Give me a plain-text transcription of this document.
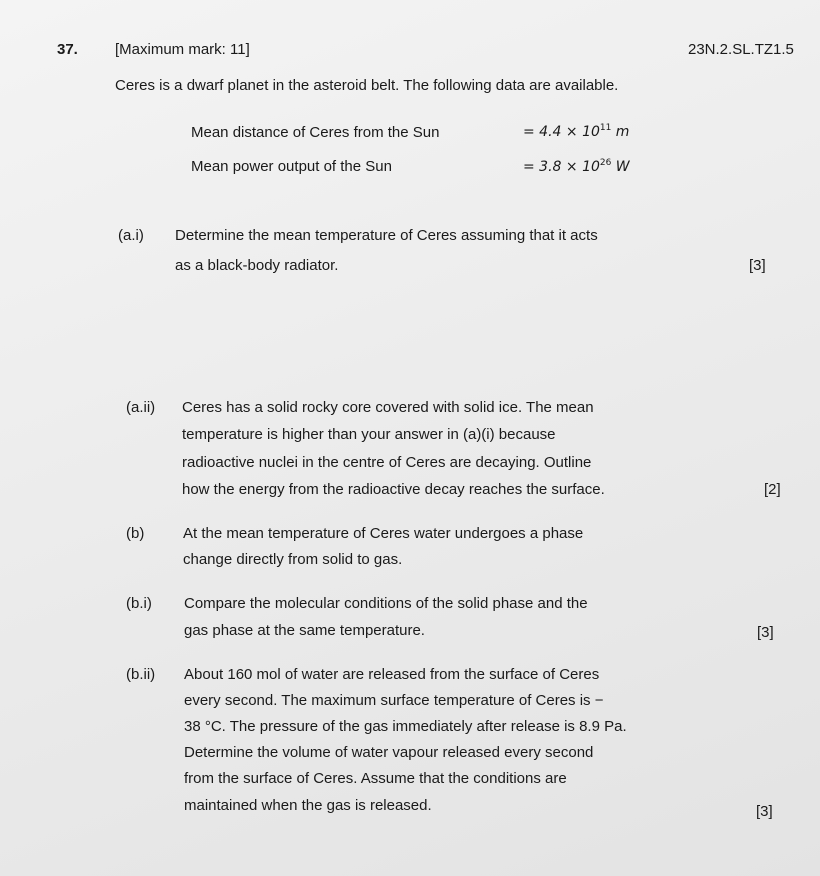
37. [Maximum mark: 11]	23N.2.SL.TZ1.5
Ceres is a dwarf planet in the asteroid belt. The following data are available.
Mean distance of Ceres from the Sun	= $4.4 \times 10^{11}$ m
Mean power output of the Sun	= $3.8 \times 10^{26}$ W
(a.i) Determine the mean temperature of Ceres assuming that it acts
as a black-body radiator.	[3]
(a.ii) Ceres has a solid rocky core covered with solid ice. The mean
temperature is higher than your answer in (a)(i) because
radioactive nuclei in the centre of Ceres are decaying. Outline
how the energy from the radioactive decay reaches the surface.	[2]
(b)	At the mean temperature of Ceres water undergoes a phase
change directly from solid to gas.
(b.i) Compare the molecular conditions of the solid phase and the
gas phase at the same temperature.	[3]
(b.ii) About 160 mol of water are released from the surface of Ceres
every second. The maximum surface temperature of Ceres is −
38 °C. The pressure of the gas immediately after release is 8.9 Pa.
Determine the volume of water vapour released every second
from the surface of Ceres. Assume that the conditions are
maintained when the gas is released.	[3]
